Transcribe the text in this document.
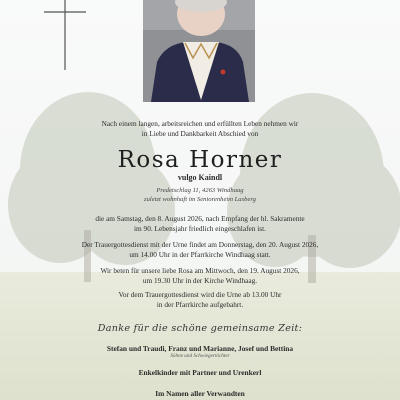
Nach einem langen, arbeitsreichen und erfüllten Leben nehmen wir
in Liebe und Dankbarkeit Abschied von
Rosa Horner
vulgo Kaindl
Predetschlag 11, 4263 Windhaag
zuletzt wohnhaft im Seniorenheim Lasberg
die am Samstag, den 8. August 2026, nach Empfang der hl. Sakramente
im 90. Lebensjahr friedlich eingeschlafen ist.
Der Trauergottesdienst mit der Urne findet am Donnerstag, den 20. August 2026,
um 14.00 Uhr in der Pfarrkirche Windhaag statt.
Wir beten für unsere liebe Rosa am Mittwoch, den 19. August 2026,
um 19.30 Uhr in der Kirche Windhaag.
Vor dem Trauergottesdienst wird die Urne ab 13.00 Uhr
in der Pfarrkirche aufgebahrt.
Danke für die schöne gemeinsame Zeit:
Stefan und Traudi, Franz und Marianne, Josef und Bettina
Söhne und Schwiegertöchter
Enkelkinder mit Partner und Urenkerl
Im Namen aller Verwandten
